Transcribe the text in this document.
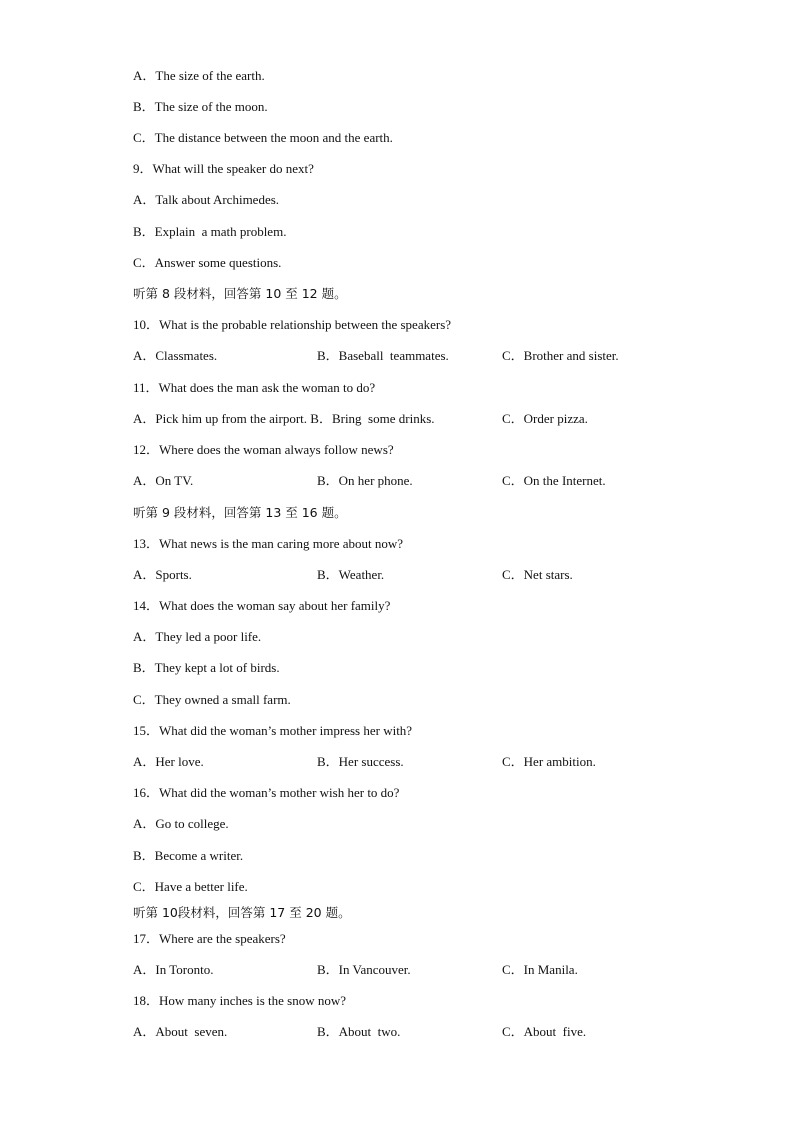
A．The size of the earth.
B．The size of the moon.
C．The distance between the moon and the earth.
9．What will the speaker do next?
A．Talk about Archimedes.
B．Explain  a math problem.
C．Answer some questions.
听第 8 段材料，回答第 10 至 12 题。
10．What is the probable relationship between the speakers?

A．Classmates.

	B．Baseball  teammates.

	C．Brother and sister.

11．What does the man ask the woman to do?

A．Pick him up from the airport. B．Bring  some drinks.

	C．Order pizza.

12．Where does the woman always follow news?

A．On TV.

	B．On her phone.

	C．On the Internet.

听第 9 段材料，回答第 13 至 16 题。
13．What news is the man caring more about now?

A．Sports.

	B．Weather.

	C．Net stars.

14．What does the woman say about her family?
A．They led a poor life.
B．They kept a lot of birds.
C．They owned a small farm.
15．What did the woman’s mother impress her with?

A．Her love.

	B．Her success.

	C．Her ambition.

16．What did the woman’s mother wish her to do?
A．Go to college.
B．Become a writer.
C．Have a better life.
听第 10段材料，回答第 17 至 20 题。
17．Where are the speakers?

A．In Toronto.

	B．In Vancouver.

	C．In Manila.

18．How many inches is the snow now?

A．About  seven.

	B．About  two.

	C．About  five.
